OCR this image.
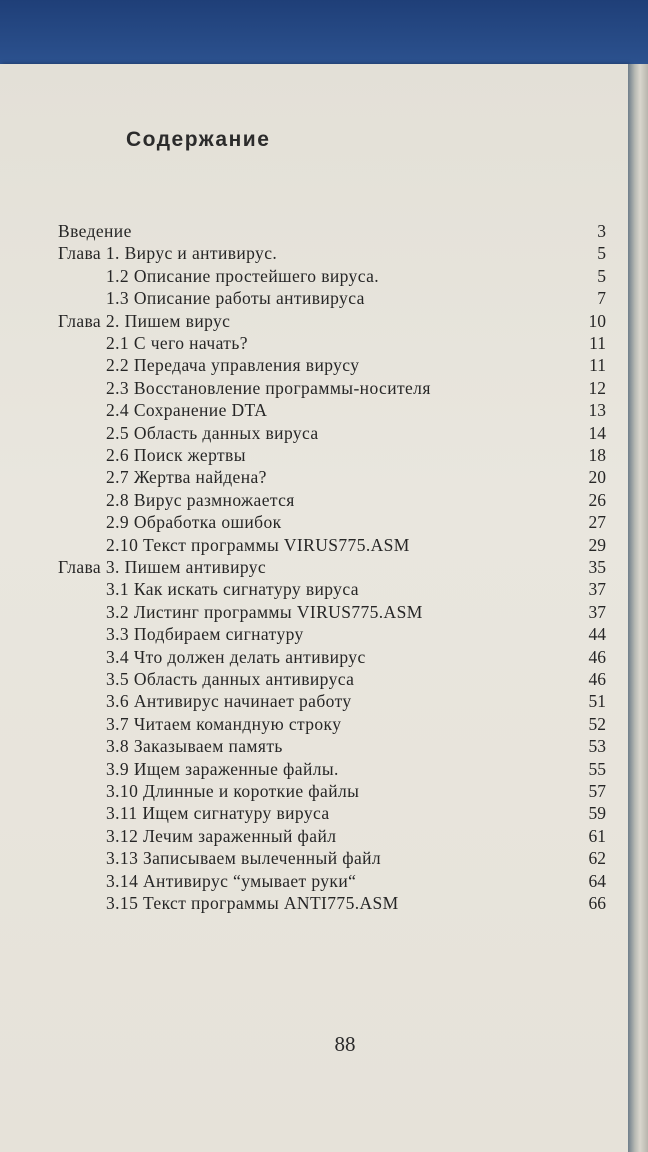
Содержание
Введение	3
Глава 1. Вирус и антивирус.	5
1.2 Описание простейшего вируса.	5
1.3 Описание работы антивируса	7
Глава 2. Пишем вирус	10
2.1 С чего начать?	11
2.2 Передача управления вирусу	11
2.3 Восстановление программы-носителя	12
2.4 Сохранение DTA	13
2.5 Область данных вируса	14
2.6 Поиск жертвы	18
2.7 Жертва найдена?	20
2.8 Вирус размножается	26
2.9 Обработка ошибок	27
2.10 Текст программы VIRUS775.ASM	29
Глава 3. Пишем антивирус	35
3.1 Как искать сигнатуру вируса	37
3.2 Листинг программы VIRUS775.ASM	37
3.3 Подбираем сигнатуру	44
3.4 Что должен делать антивирус	46
3.5 Область данных антивируса	46
3.6 Антивирус начинает работу	51
3.7 Читаем командную строку	52
3.8 Заказываем память	53
3.9 Ищем зараженные файлы.	55
3.10 Длинные и короткие файлы	57
3.11 Ищем сигнатуру вируса	59
3.12 Лечим зараженный файл	61
3.13 Записываем вылеченный файл	62
3.14 Антивирус “умывает руки“	64
3.15 Текст программы ANTI775.ASM	66
88
